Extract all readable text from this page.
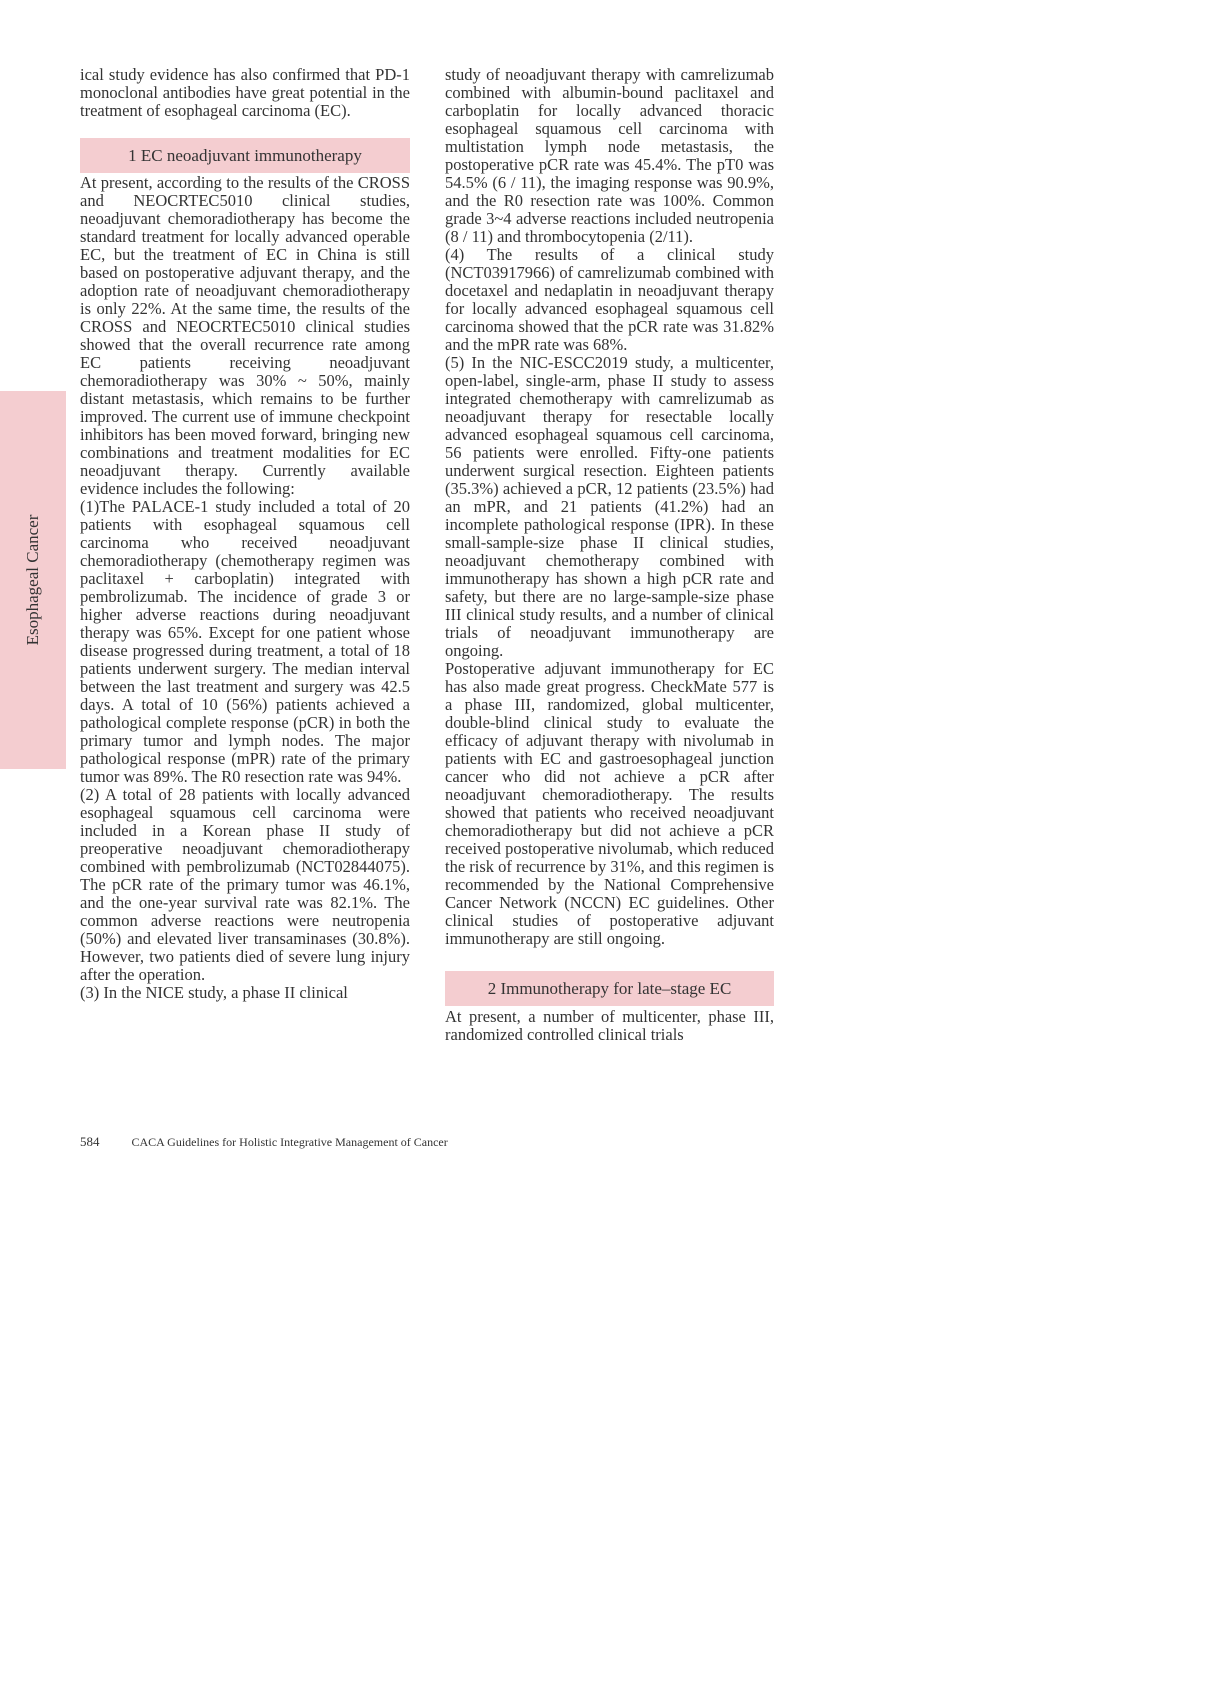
Esophageal Cancer

ical study evidence has also confirmed that PD-1 monoclonal antibodies have great potential in the treatment of esophageal carcinoma (EC).

1 EC neoadjuvant immunotherapy

At present, according to the results of the CROSS and NEOCRTEC5010 clinical studies, neoadjuvant chemoradiotherapy has become the standard treatment for locally advanced operable EC, but the treatment of EC in China is still based on postoperative adjuvant therapy, and the adoption rate of neoadjuvant chemoradiotherapy is only 22%. At the same time, the results of the CROSS and NEOCRTEC5010 clinical studies showed that the overall recurrence rate among EC patients receiving neoadjuvant chemoradiotherapy was 30% ~ 50%, mainly distant metastasis, which remains to be further improved. The current use of immune checkpoint inhibitors has been moved forward, bringing new combinations and treatment modalities for EC neoadjuvant therapy. Currently available evidence includes the following:

(1)The PALACE-1 study included a total of 20 patients with esophageal squamous cell carcinoma who received neoadjuvant chemoradiotherapy (chemotherapy regimen was paclitaxel + carboplatin) integrated with pembrolizumab. The incidence of grade 3 or higher adverse reactions during neoadjuvant therapy was 65%. Except for one patient whose disease progressed during treatment, a total of 18 patients underwent surgery. The median interval between the last treatment and surgery was 42.5 days. A total of 10 (56%) patients achieved a pathological complete response (pCR) in both the primary tumor and lymph nodes. The major pathological response (mPR) rate of the primary tumor was 89%. The R0 resection rate was 94%.

(2) A total of 28 patients with locally advanced esophageal squamous cell carcinoma were included in a Korean phase II study of preoperative neoadjuvant chemoradiotherapy combined with pembrolizumab (NCT02844075). The pCR rate of the primary tumor was 46.1%, and the one-year survival rate was 82.1%. The common adverse reactions were neutropenia (50%) and elevated liver transaminases (30.8%). However, two patients died of severe lung injury after the operation.

(3) In the NICE study, a phase II clinical

study of neoadjuvant therapy with camrelizumab combined with albumin-bound paclitaxel and carboplatin for locally advanced thoracic esophageal squamous cell carcinoma with multistation lymph node metastasis, the postoperative pCR rate was 45.4%. The pT0 was 54.5% (6 / 11), the imaging response was 90.9%, and the R0 resection rate was 100%. Common grade 3~4 adverse reactions included neutropenia (8 / 11) and thrombocytopenia (2/11).

(4) The results of a clinical study (NCT03917966) of camrelizumab combined with docetaxel and nedaplatin in neoadjuvant therapy for locally advanced esophageal squamous cell carcinoma showed that the pCR rate was 31.82% and the mPR rate was 68%.

(5) In the NIC-ESCC2019 study, a multicenter, open-label, single-arm, phase II study to assess integrated chemotherapy with camrelizumab as neoadjuvant therapy for resectable locally advanced esophageal squamous cell carcinoma, 56 patients were enrolled. Fifty-one patients underwent surgical resection. Eighteen patients (35.3%) achieved a pCR, 12 patients (23.5%) had an mPR, and 21 patients (41.2%) had an incomplete pathological response (IPR). In these small-sample-size phase II clinical studies, neoadjuvant chemotherapy combined with immunotherapy has shown a high pCR rate and safety, but there are no large-sample-size phase III clinical study results, and a number of clinical trials of neoadjuvant immunotherapy are ongoing.

Postoperative adjuvant immunotherapy for EC has also made great progress. CheckMate 577 is a phase III, randomized, global multicenter, double-blind clinical study to evaluate the efficacy of adjuvant therapy with nivolumab in patients with EC and gastroesophageal junction cancer who did not achieve a pCR after neoadjuvant chemoradiotherapy. The results showed that patients who received neoadjuvant chemoradiotherapy but did not achieve a pCR received postoperative nivolumab, which reduced the risk of recurrence by 31%, and this regimen is recommended by the National Comprehensive Cancer Network (NCCN) EC guidelines. Other clinical studies of postoperative adjuvant immunotherapy are still ongoing.

2 Immunotherapy for late–stage EC

At present, a number of multicenter, phase III, randomized controlled clinical trials

584	CACA Guidelines for Holistic Integrative Management of Cancer
